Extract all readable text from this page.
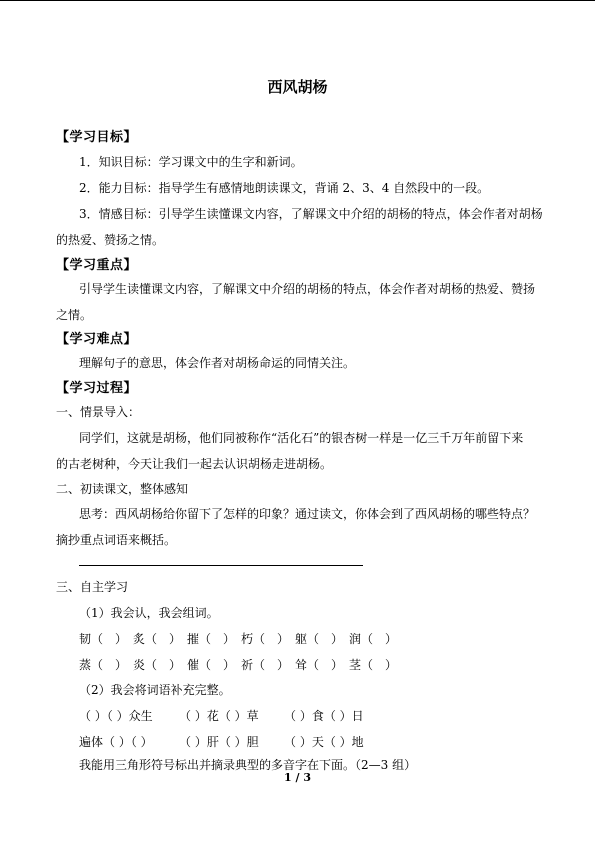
西风胡杨
【学习目标】
1．知识目标：学习课文中的生字和新词。
2．能力目标：指导学生有感情地朗读课文，背诵 2、3、4 自然段中的一段。
3．情感目标：引导学生读懂课文内容，了解课文中介绍的胡杨的特点，体会作者对胡杨
的热爱、赞扬之情。
【学习重点】
引导学生读懂课文内容，了解课文中介绍的胡杨的特点，体会作者对胡杨的热爱、赞扬
之情。
【学习难点】
理解句子的意思，体会作者对胡杨命运的同情关注。
【学习过程】
一、情景导入：
同学们，这就是胡杨，他们同被称作“活化石”的银杏树一样是一亿三千万年前留下来
的古老树种，今天让我们一起去认识胡杨走进胡杨。
二、初读课文，整体感知
思考：西风胡杨给你留下了怎样的印象？通过读文，你体会到了西风胡杨的哪些特点？
摘抄重点词语来概括。
三、自主学习
（1）我会认，我会组词。
韧（　） 炙（　） 摧（　） 朽（　） 躯（　） 润（　）
蒸（　） 炎（　） 催（　） 祈（　） 耸（　） 茎（　）
（2）我会将词语补充完整。
（ ）（ ）众生 （ ）花（ ）草 （ ）食（ ）日
遍体（ ）（ ） （ ）肝（ ）胆 （ ）天（ ）地
我能用三角形符号标出并摘录典型的多音字在下面。（2—3 组）
1 / 3
